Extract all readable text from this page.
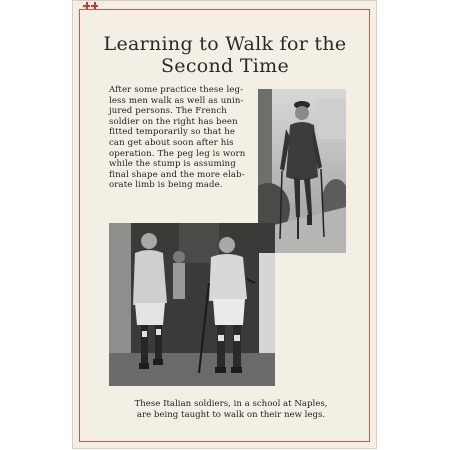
Learning to Walk for the
Second Time
After some practice these leg-
less men walk as well as unin-
jured persons. The French
soldier on the right has been
fitted temporarily so that he
can get about soon after his
operation. The peg leg is worn
while the stump is assuming
final shape and the more elab-
orate limb is being made.
These Italian soldiers, in a school at Naples,
are being taught to walk on their new legs.
